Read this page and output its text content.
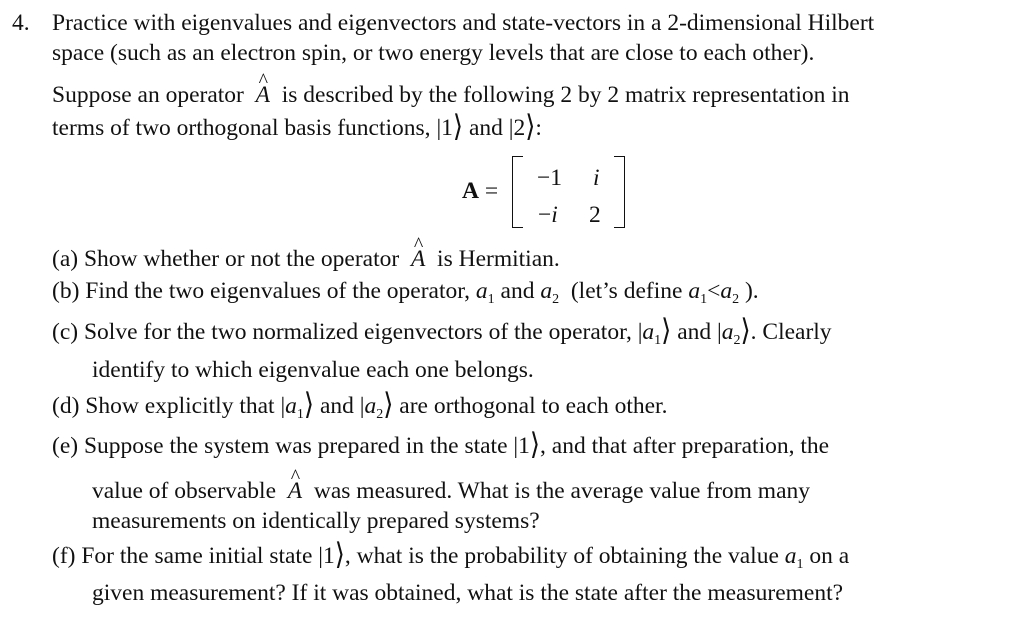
4. Practice with eigenvalues and eigenvectors and state-vectors in a 2-dimensional Hilbert
space (such as an electron spin, or two energy levels that are close to each other).
Suppose an operator ^ A is described by the following 2 by 2 matrix representation in
terms of two orthogonal basis functions, |1⟩ and |2⟩:
A = −1 i
−i 2
(a) Show whether or not the operator ^ A is Hermitian.
(b) Find the two eigenvalues of the operator, $a_1$ and $a_2$ (let’s define $a_1<a_2$ ).
(c) Solve for the two normalized eigenvectors of the operator, $|a_1⟩$ and $|a_2⟩$. Clearly
identify to which eigenvalue each one belongs.
(d) Show explicitly that $|a_1⟩$ and $|a_2⟩$ are orthogonal to each other.
(e) Suppose the system was prepared in the state |1⟩, and that after preparation, the
value of observable ^ A was measured. What is the average value from many
measurements on identically prepared systems?
(f) For the same initial state |1⟩, what is the probability of obtaining the value $a_1$ on a
given measurement? If it was obtained, what is the state after the measurement?
